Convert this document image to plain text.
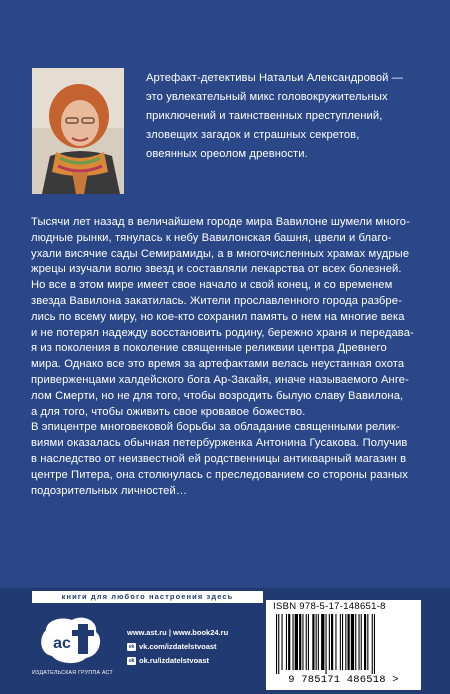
Артефакт-детективы Натальи Александровой —
это увлекательный микс головокружительных
приключений и таинственных преступлений,
зловещих загадок и страшных секретов,
овеянных ореолом древности.
Тысячи лет назад в величайшем городе мира Вавилоне шумели много-
людные рынки, тянулась к небу Вавилонская башня, цвели и благо-
ухали висячие сады Семирамиды, а в многочисленных храмах мудрые
жрецы изучали волю звезд и составляли лекарства от всех болезней.
Но все в этом мире имеет свое начало и свой конец, и со временем
звезда Вавилона закатилась. Жители прославленного города разбре-
лись по всему миру, но кое-кто сохранил память о нем на многие века
и не потерял надежду восстановить родину, бережно храня и передава-
я из поколения в поколение священные реликвии центра Древнего
мира. Однако все это время за артефактами велась неустанная охота
приверженцами халдейского бога Ар-Закайя, иначе называемого Анге-
лом Смерти, но не для того, чтобы возродить былую славу Вавилона,
а для того, чтобы оживить свое кровавое божество.
В эпицентре многовековой борьбы за обладание священными релик-
виями оказалась обычная петербурженка Антонина Гусакова. Получив
в наследство от неизвестной ей родственницы антикварный магазин в
центре Питера, она столкнулась с преследованием со стороны разных
подозрительных личностей…
книги для любого настроения здесь
ас
ИЗДАТЕЛЬСКАЯ ГРУППА АСТ
www.ast.ru | www.book24.ru
vk vk.com/izdatelstvoast
ok ok.ru/izdatelstvoast
ISBN 978-5-17-148651-8
9 785171 486518 >
